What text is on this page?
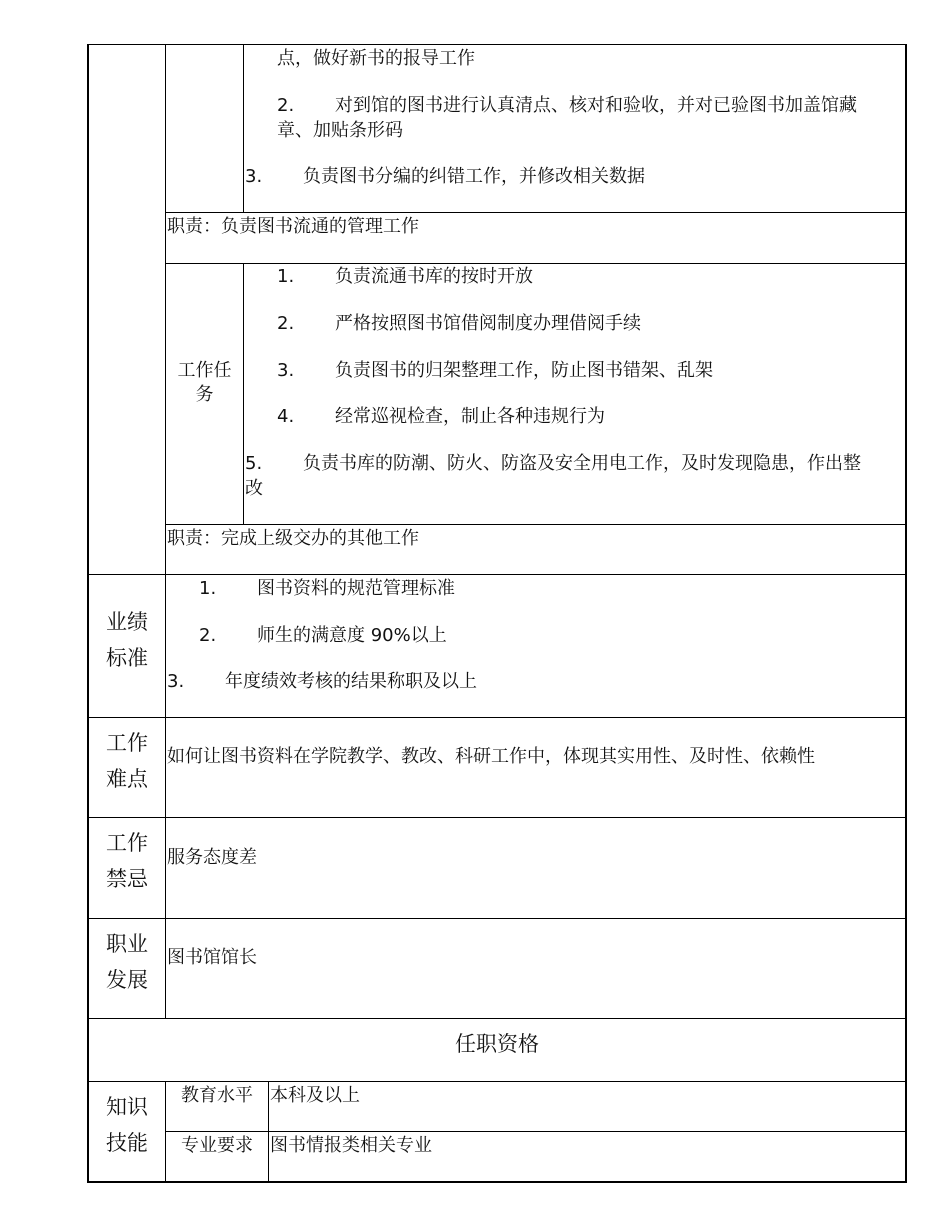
点，做好新书的报导工作
2. 对到馆的图书进行认真清点、核对和验收，并对已验图书加盖馆藏
章、加贴条形码
3. 负责图书分编的纠错工作，并修改相关数据
职责：负责图书流通的管理工作
工作任
务
1. 负责流通书库的按时开放
2. 严格按照图书馆借阅制度办理借阅手续
3. 负责图书的归架整理工作，防止图书错架、乱架
4. 经常巡视检查，制止各种违规行为
5. 负责书库的防潮、防火、防盗及安全用电工作，及时发现隐患，作出整
改
职责：完成上级交办的其他工作
业绩
标准
1. 图书资料的规范管理标准
2. 师生的满意度 90%以上
3. 年度绩效考核的结果称职及以上
工作
难点
如何让图书资料在学院教学、教改、科研工作中，体现其实用性、及时性、依赖性
工作
禁忌
服务态度差
职业
发展
图书馆馆长
任职资格
知识
技能
教育水平 本科及以上
专业要求 图书情报类相关专业
